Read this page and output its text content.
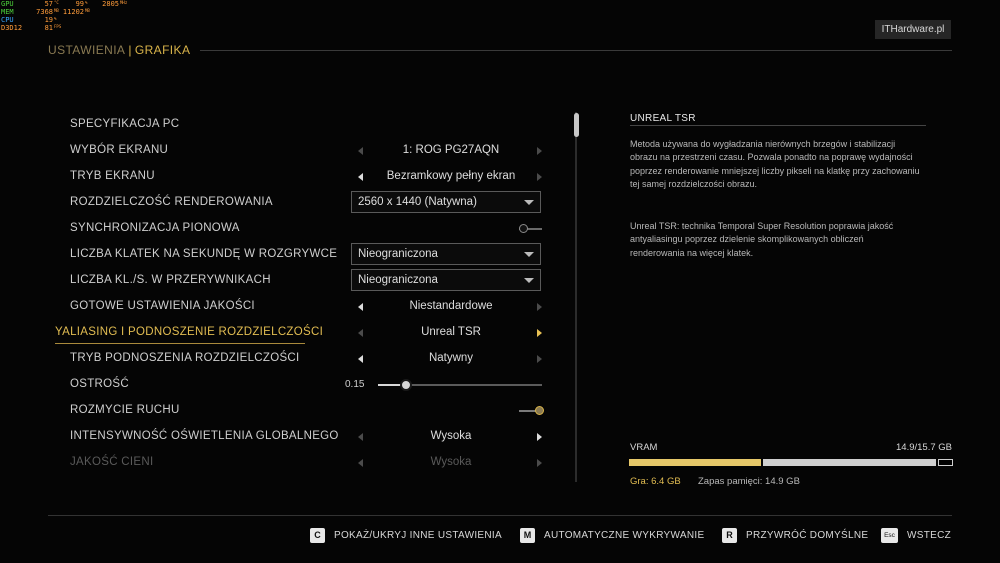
GPU	57 °C	99 %	2805 MHz
MEM	7368 MB 11202 MB
CPU	19 %
D3D12	81 FPS
USTAWIENIA | GRAFIKA
ITHardware.pl
SPECYFIKACJA PC
WYBÓR EKRANU	1: ROG PG27AQN
TRYB EKRANU	Bezramkowy pełny ekran
ROZDZIELCZOŚĆ RENDEROWANIA	2560 x 1440 (Natywna)
SYNCHRONIZACJA PIONOWA
LICZBA KLATEK NA SEKUNDĘ W ROZGRYWCE Nieograniczona
LICZBA KL./S. W PRZERYWNIKACH	Nieograniczona
GOTOWE USTAWIENIA JAKOŚCI	Niestandardowe
YALIASING I PODNOSZENIE ROZDZIELCZOŚCI	Unreal TSR
TRYB PODNOSZENIA ROZDZIELCZOŚCI	Natywny
OSTROŚĆ	0.15
ROZMYCIE RUCHU
INTENSYWNOŚĆ OŚWIETLENIA GLOBALNEGO	Wysoka
JAKOŚĆ CIENI	Wysoka
UNREAL TSR
Metoda używana do wygładzania nierównych brzegów i stabilizacji obrazu na przestrzeni czasu. Pozwala ponadto na poprawę wydajności poprzez renderowanie mniejszej liczby pikseli na klatkę przy zachowaniu tej samej rozdzielczości obrazu.
Unreal TSR: technika Temporal Super Resolution poprawia jakość antyaliasingu poprzez dzielenie skomplikowanych obliczeń renderowania na więcej klatek.
VRAM	14.9/15.7 GB
Gra: 6.4 GB Zapas pamięci: 14.9 GB
C	POKAŻ/UKRYJ INNE USTAWIENIA	M	AUTOMATYCZNE WYKRYWANIE	R	PRZYWRÓĆ DOMYŚLNE	Esc	WSTECZ
